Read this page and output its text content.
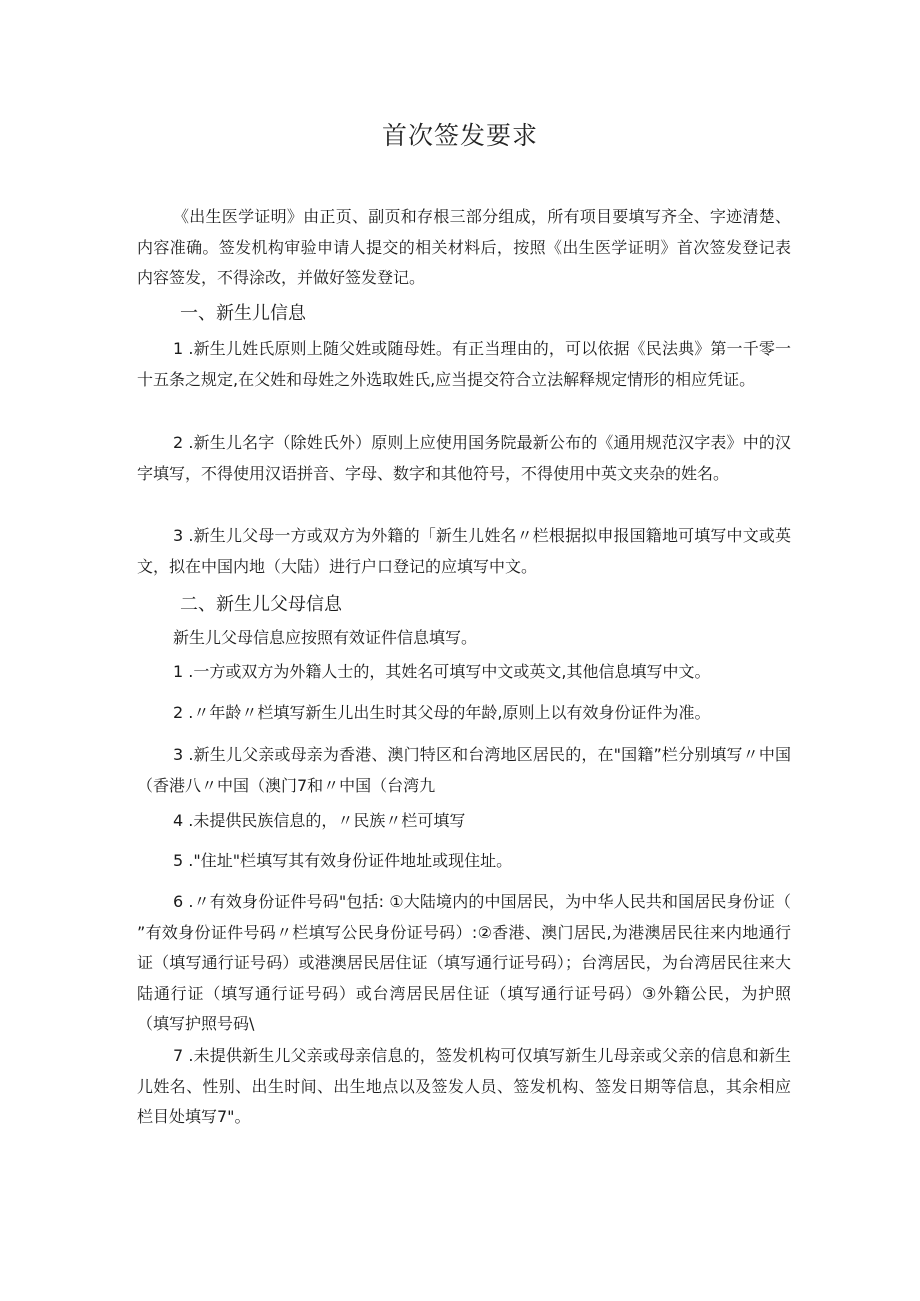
首次签发要求

《出生医学证明》由正页、副页和存根三部分组成，所有项目要填写齐全、字迹清楚、内容准确。签发机构审验申请人提交的相关材料后，按照《出生医学证明》首次签发登记表内容签发，不得涂改，并做好签发登记。

一、新生儿信息

1 .新生儿姓氏原则上随父姓或随母姓。有正当理由的，可以依据《民法典》第一千零一十五条之规定,在父姓和母姓之外选取姓氏,应当提交符合立法解释规定情形的相应凭证。

2 .新生儿名字（除姓氏外）原则上应使用国务院最新公布的《通用规范汉字表》中的汉字填写，不得使用汉语拼音、字母、数字和其他符号，不得使用中英文夹杂的姓名。

3 .新生儿父母一方或双方为外籍的「新生儿姓名〃栏根据拟申报国籍地可填写中文或英文，拟在中国内地（大陆）进行户口登记的应填写中文。

二、新生儿父母信息

新生儿父母信息应按照有效证件信息填写。

1 .一方或双方为外籍人士的，其姓名可填写中文或英文,其他信息填写中文。

2 .〃年龄〃栏填写新生儿出生时其父母的年龄,原则上以有效身份证件为准。

3 .新生儿父亲或母亲为香港、澳门特区和台湾地区居民的，在"国籍”栏分别填写〃中国（香港八〃中国（澳门7和〃中国（台湾九

4 .未提供民族信息的，〃民族〃栏可填写

5 ."住址"栏填写其有效身份证件地址或现住址。

6 .〃有效身份证件号码"包括: ①大陆境内的中国居民，为中华人民共和国居民身份证（ ”有效身份证件号码〃栏填写公民身份证号码）:②香港、澳门居民,为港澳居民往来内地通行证（填写通行证号码）或港澳居民居住证（填写通行证号码）；台湾居民，为台湾居民往来大陆通行证（填写通行证号码）或台湾居民居住证（填写通行证号码）③外籍公民，为护照（填写护照号码\

7 .未提供新生儿父亲或母亲信息的，签发机构可仅填写新生儿母亲或父亲的信息和新生儿姓名、性别、出生时间、出生地点以及签发人员、签发机构、签发日期等信息，其余相应栏目处填写7"。
